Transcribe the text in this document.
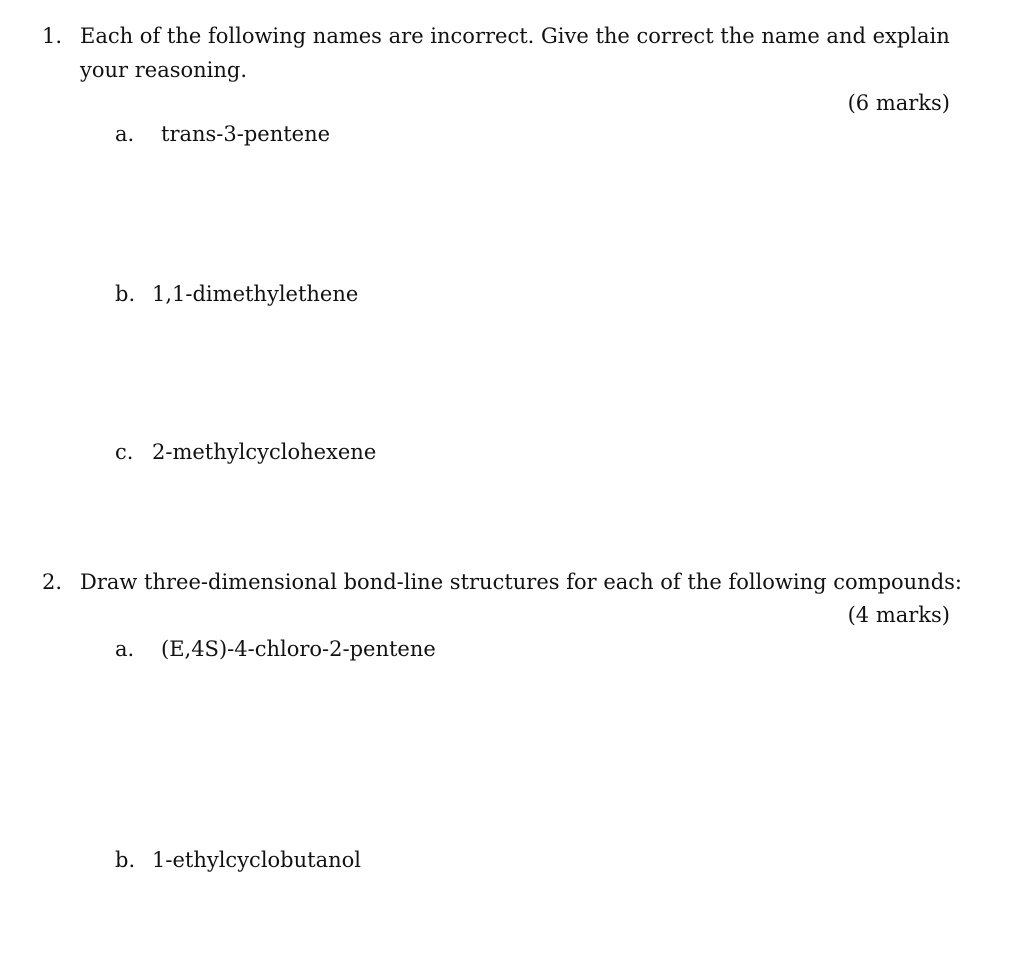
1. Each of the following names are incorrect. Give the correct the name and explain
your reasoning.
(6 marks)
a.	trans-3-pentene
b. 1,1-dimethylethene
c. 2-methylcyclohexene
2. Draw three-dimensional bond-line structures for each of the following compounds:
(4 marks)
a.	(E,4S)-4-chloro-2-pentene
b. 1-ethylcyclobutanol
